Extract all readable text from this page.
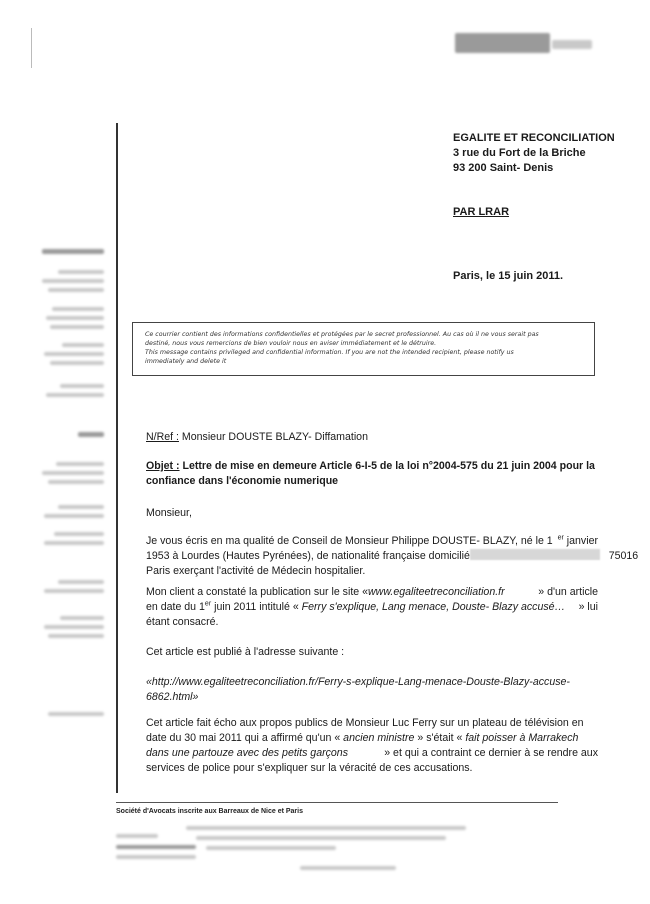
EGALITE ET RECONCILIATION
3 rue du Fort de la Briche
93 200 Saint- Denis
PAR LRAR
Paris, le 15 juin 2011.
Ce courrier contient des informations confidentielles et protégées par le secret professionnel. Au cas où il ne vous serait pas
destiné, nous vous remercions de bien vouloir nous en aviser immédiatement et le détruire.
This message contains privileged and confidential information. If you are not the intended recipient, please notify us
immediately and delete it
N/Ref : Monsieur DOUSTE BLAZY- Diffamation
Objet : Lettre de mise en demeure Article 6-I-5 de la loi n°2004-575 du 21 juin 2004 pour la
confiance dans l'économie numerique
Monsieur,
Je vous écris en ma qualité de Conseil de Monsieur Philippe DOUSTE- BLAZY, né le 1 $^{er}$ janvier
1953 à Lourdes (Hautes Pyrénées), de nationalité française domicilié	75016
Paris exerçant l'activité de Médecin hospitalier.
Mon client a constaté la publication sur le site «www.egaliteetreconciliation.fr	» d'un article
en date du 1er juin 2011 intitulé « Ferry s'explique, Lang menace, Douste- Blazy accusé… » lui
étant consacré.
Cet article est publié à l'adresse suivante :
«http://www.egaliteetreconciliation.fr/Ferry-s-explique-Lang-menace-Douste-Blazy-accuse-
6862.html»
Cet article fait écho aux propos publics de Monsieur Luc Ferry sur un plateau de télévision en
date du 30 mai 2011 qui a affirmé qu'un « ancien ministre » s'était « fait poisser à Marrakech
dans une partouze avec des petits garçons	» et qui a contraint ce dernier à se rendre aux
services de police pour s'expliquer sur la véracité de ces accusations.
Société d'Avocats inscrite aux Barreaux de Nice et Paris
